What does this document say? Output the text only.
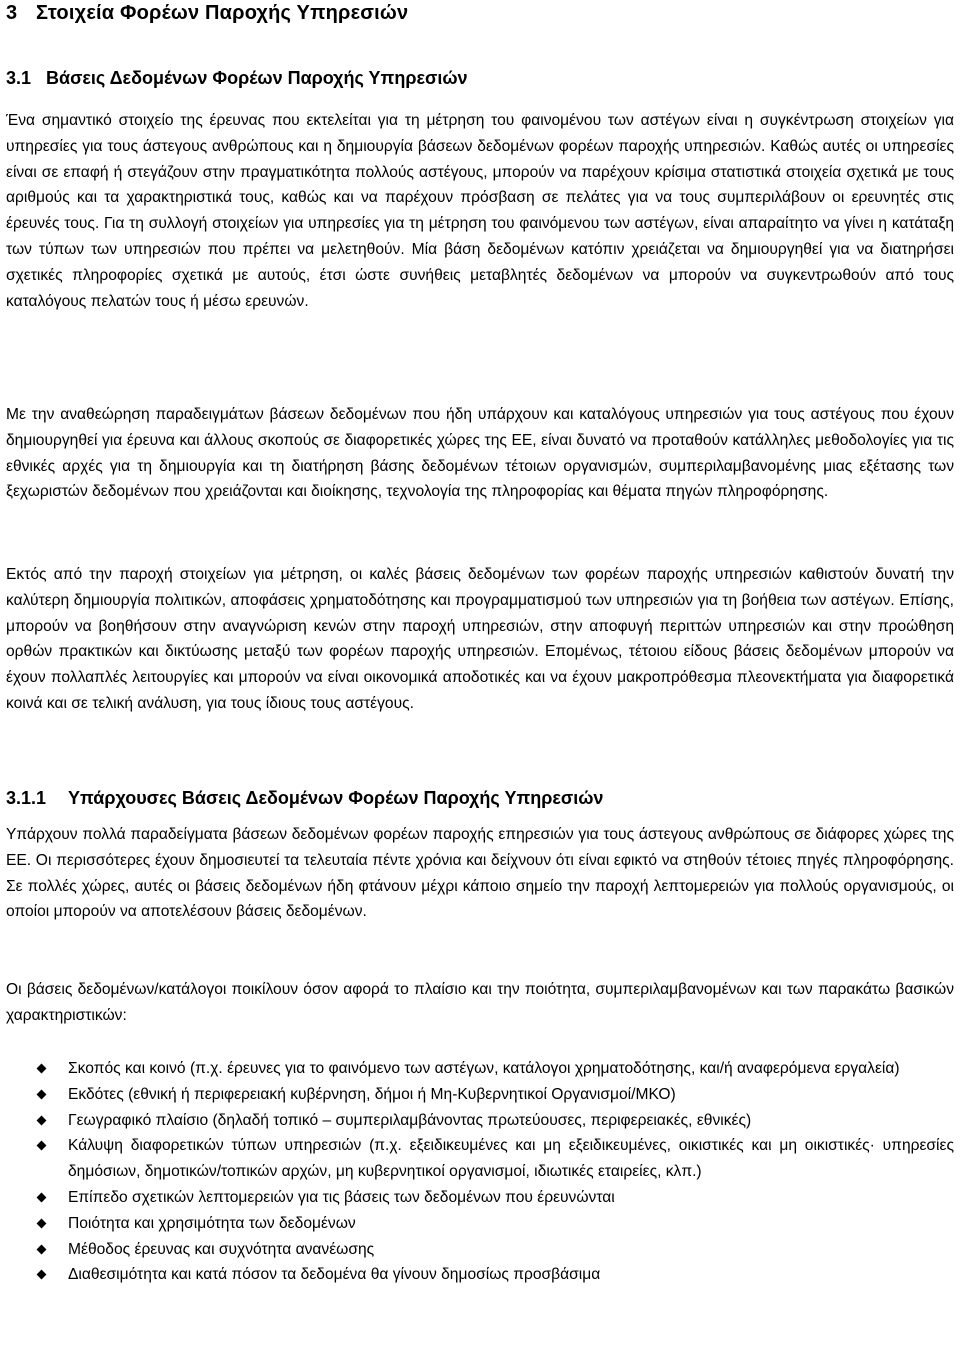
3 Στοιχεία Φορέων Παροχής Υπηρεσιών
3.1 Βάσεις Δεδομένων Φορέων Παροχής Υπηρεσιών

Ένα σημαντικό στοιχείο της έρευνας που εκτελείται για τη μέτρηση του φαινομένου των αστέγων είναι η συγκέντρωση στοιχείων για υπηρεσίες για τους άστεγους ανθρώπους και η δημιουργία βάσεων δεδομένων φορέων παροχής υπηρεσιών. Καθώς αυτές οι υπηρεσίες είναι σε επαφή ή στεγάζουν στην πραγματικότητα πολλούς αστέγους, μπορούν να παρέχουν κρίσιμα στατιστικά στοιχεία σχετικά με τους αριθμούς και τα χαρακτηριστικά τους, καθώς και να παρέχουν πρόσβαση σε πελάτες για να τους συμπεριλάβουν οι ερευνητές στις έρευνές τους. Για τη συλλογή στοιχείων για υπηρεσίες για τη μέτρηση του φαινόμενου των αστέγων, είναι απαραίτητο να γίνει η κατάταξη των τύπων των υπηρεσιών που πρέπει να μελετηθούν. Μία βάση δεδομένων κατόπιν χρειάζεται να δημιουργηθεί για να διατηρήσει σχετικές πληροφορίες σχετικά με αυτούς, έτσι ώστε συνήθεις μεταβλητές δεδομένων να μπορούν να συγκεντρωθούν από τους καταλόγους πελατών τους ή μέσω ερευνών.

Με την αναθεώρηση παραδειγμάτων βάσεων δεδομένων που ήδη υπάρχουν και καταλόγους υπηρεσιών για τους αστέγους που έχουν δημιουργηθεί για έρευνα και άλλους σκοπούς σε διαφορετικές χώρες της ΕΕ, είναι δυνατό να προταθούν κατάλληλες μεθοδολογίες για τις εθνικές αρχές για τη δημιουργία και τη διατήρηση βάσης δεδομένων τέτοιων οργανισμών, συμπεριλαμβανομένης μιας εξέτασης των ξεχωριστών δεδομένων που χρειάζονται και διοίκησης, τεχνολογία της πληροφορίας και θέματα πηγών πληροφόρησης.

Εκτός από την παροχή στοιχείων για μέτρηση, οι καλές βάσεις δεδομένων των φορέων παροχής υπηρεσιών καθιστούν δυνατή την καλύτερη δημιουργία πολιτικών, αποφάσεις χρηματοδότησης και προγραμματισμού των υπηρεσιών για τη βοήθεια των αστέγων. Επίσης, μπορούν να βοηθήσουν στην αναγνώριση κενών στην παροχή υπηρεσιών, στην αποφυγή περιττών υπηρεσιών και στην προώθηση ορθών πρακτικών και δικτύωσης μεταξύ των φορέων παροχής υπηρεσιών. Επομένως, τέτοιου είδους βάσεις δεδομένων μπορούν να έχουν πολλαπλές λειτουργίες και μπορούν να είναι οικονομικά αποδοτικές και να έχουν μακροπρόθεσμα πλεονεκτήματα για διαφορετικά κοινά και σε τελική ανάλυση, για τους ίδιους τους αστέγους.

3.1.1 Υπάρχουσες Βάσεις Δεδομένων Φορέων Παροχής Υπηρεσιών

Υπάρχουν πολλά παραδείγματα βάσεων δεδομένων φορέων παροχής επηρεσιών για τους άστεγους ανθρώπους σε διάφορες χώρες της ΕΕ. Οι περισσότερες έχουν δημοσιευτεί τα τελευταία πέντε χρόνια και δείχνουν ότι είναι εφικτό να στηθούν τέτοιες πηγές πληροφόρησης. Σε πολλές χώρες, αυτές οι βάσεις δεδομένων ήδη φτάνουν μέχρι κάποιο σημείο την παροχή λεπτομερειών για πολλούς οργανισμούς, οι οποίοι μπορούν να αποτελέσουν βάσεις δεδομένων.

Οι βάσεις δεδομένων/κατάλογοι ποικίλουν όσον αφορά το πλαίσιο και την ποιότητα, συμπεριλαμβανομένων και των παρακάτω βασικών χαρακτηριστικών:

Σκοπός και κοινό (π.χ. έρευνες για το φαινόμενο των αστέγων, κατάλογοι χρηματοδότησης, και/ή αναφερόμενα εργαλεία)
Εκδότες (εθνική ή περιφερειακή κυβέρνηση, δήμοι ή Μη-Κυβερνητικοί Οργανισμοί/ΜΚΟ)
Γεωγραφικό πλαίσιο (δηλαδή τοπικό – συμπεριλαμβάνοντας πρωτεύουσες, περιφερειακές, εθνικές)
Κάλυψη διαφορετικών τύπων υπηρεσιών (π.χ. εξειδικευμένες και μη εξειδικευμένες, οικιστικές και μη οικιστικές· υπηρεσίες δημόσιων, δημοτικών/τοπικών αρχών, μη κυβερνητικοί οργανισμοί, ιδιωτικές εταιρείες, κλπ.)
Επίπεδο σχετικών λεπτομερειών για τις βάσεις των δεδομένων που έρευνώνται
Ποιότητα και χρησιμότητα των δεδομένων
Μέθοδος έρευνας και συχνότητα ανανέωσης
Διαθεσιμότητα και κατά πόσον τα δεδομένα θα γίνουν δημοσίως προσβάσιμα
